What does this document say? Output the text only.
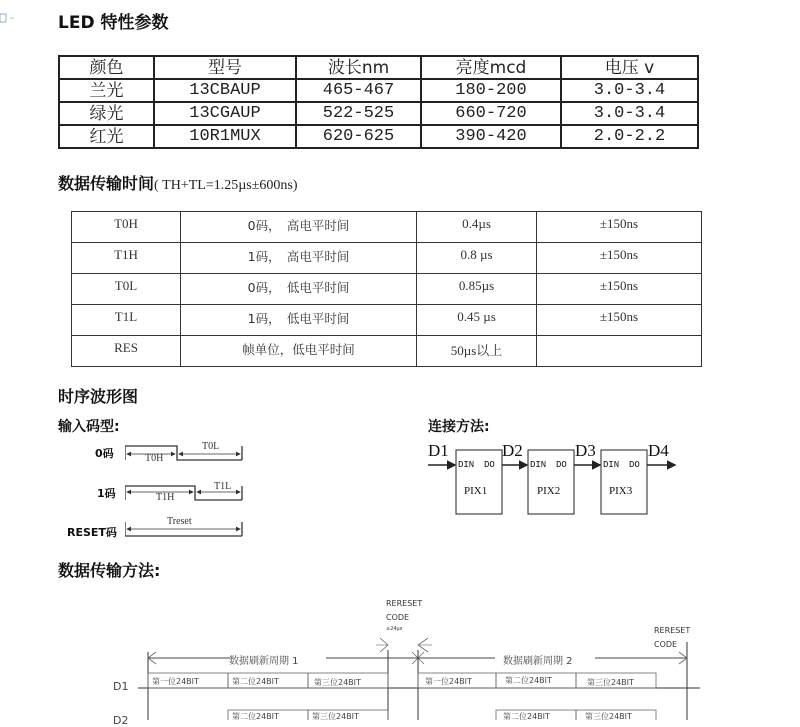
LED 特性参数
颜色	型号	波长nm	亮度mcd	电压 v
兰光	13CBAUP	465-467	180-200	3.0-3.4
绿光	13CGAUP	522-525	660-720	3.0-3.4
红光	10R1MUX	620-625	390-420	2.0-2.2
数据传输时间( TH+TL=1.25µs±600ns)
T0H	0码，　高电平时间	0.4µs	±150ns
T1H	1码，　高电平时间	0.8 µs	±150ns
T0L	0码，　低电平时间	0.85µs	±150ns
T1L	1码，　低电平时间	0.45 µs	±150ns
RES	帧单位，低电平时间	50µs以上	
时序波形图
输入码型:
0码
1码
RESET码
T0H
T0L
T1H
T1L
Treset
连接方法:
D1	D2	D3	D4
DIN DO
PIX1
DIN DO
PIX2
DIN DO
PIX3
数据传输方法:
RERESET
CODE
≥24µs	RERESET
CODE
数据刷新周期 1	数据刷新周期 2
D1
D2
第一位24BIT	第二位24BIT	第三位24BIT	第一位24BIT	第二位24BIT	第三位24BIT
第二位24BIT	第三位24BIT	第二位24BIT	第三位24BIT
